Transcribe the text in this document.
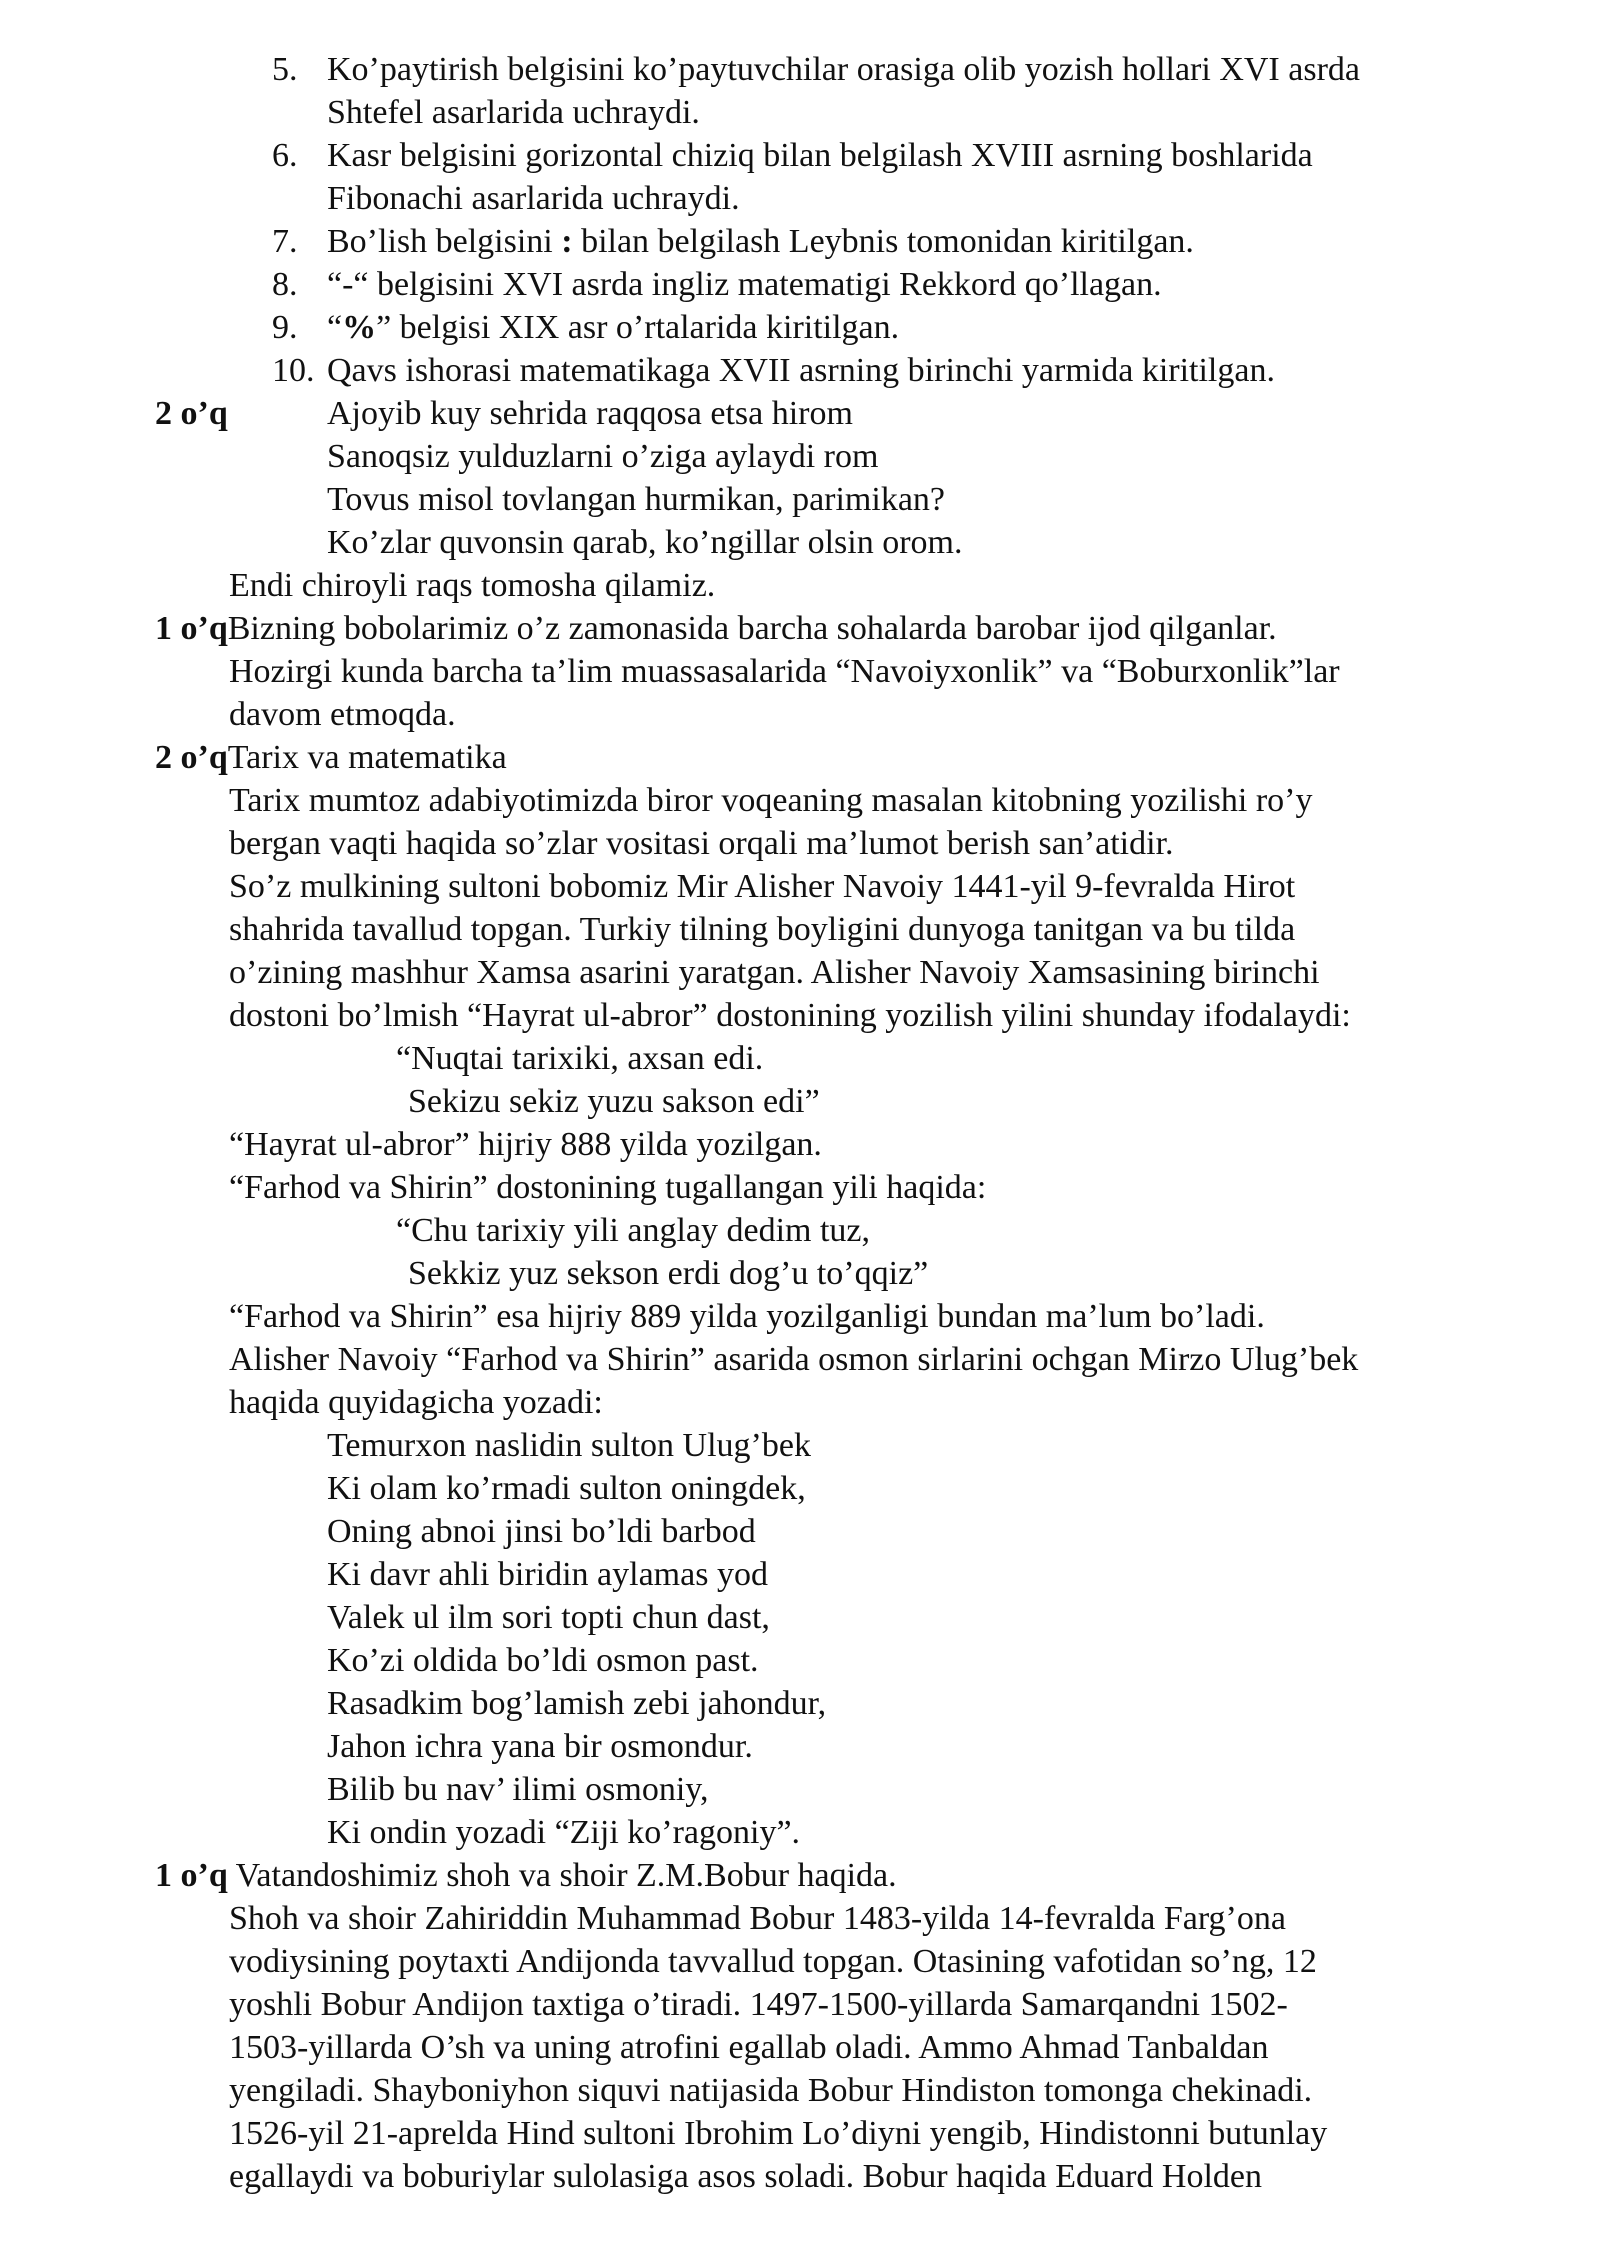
5. Ko’paytirish belgisini ko’paytuvchilar orasiga olib yozish hollari XVI asrda
Shtefel asarlarida uchraydi.
6. Kasr belgisini gorizontal chiziq bilan belgilash XVIII asrning boshlarida
Fibonachi asarlarida uchraydi.
7. Bo’lish belgisini : bilan belgilash Leybnis tomonidan kiritilgan.
8. “-“ belgisini XVI asrda ingliz matematigi Rekkord qo’llagan.
9. “%” belgisi XIX asr o’rtalarida kiritilgan.
10. Qavs ishorasi matematikaga XVII asrning birinchi yarmida kiritilgan.
2 o’q	Ajoyib kuy sehrida raqqosa etsa hirom
Sanoqsiz yulduzlarni o’ziga aylaydi rom
Tovus misol tovlangan hurmikan, parimikan?
Ko’zlar quvonsin qarab, ko’ngillar olsin orom.
Endi chiroyli raqs tomosha qilamiz.
1 o’qBizning bobolarimiz o’z zamonasida barcha sohalarda barobar ijod qilganlar.
Hozirgi kunda barcha ta’lim muassasalarida “Navoiyxonlik” va “Boburxonlik”lar
davom etmoqda.
2 o’qTarix va matematika
Tarix mumtoz adabiyotimizda biror voqeaning masalan kitobning yozilishi ro’y
bergan vaqti haqida so’zlar vositasi orqali ma’lumot berish san’atidir.
So’z mulkining sultoni bobomiz Mir Alisher Navoiy 1441-yil 9-fevralda Hirot
shahrida tavallud topgan. Turkiy tilning boyligini dunyoga tanitgan va bu tilda
o’zining mashhur Xamsa asarini yaratgan. Alisher Navoiy Xamsasining birinchi
dostoni bo’lmish “Hayrat ul-abror” dostonining yozilish yilini shunday ifodalaydi:
“Nuqtai tarixiki, axsan edi.
Sekizu sekiz yuzu sakson edi”
“Hayrat ul-abror” hijriy 888 yilda yozilgan.
“Farhod va Shirin” dostonining tugallangan yili haqida:
“Chu tarixiy yili anglay dedim tuz,
Sekkiz yuz sekson erdi dog’u to’qqiz”
“Farhod va Shirin” esa hijriy 889 yilda yozilganligi bundan ma’lum bo’ladi.
Alisher Navoiy “Farhod va Shirin” asarida osmon sirlarini ochgan Mirzo Ulug’bek
haqida quyidagicha yozadi:
Temurxon naslidin sulton Ulug’bek
Ki olam ko’rmadi sulton oningdek,
Oning abnoi jinsi bo’ldi barbod
Ki davr ahli biridin aylamas yod
Valek ul ilm sori topti chun dast,
Ko’zi oldida bo’ldi osmon past.
Rasadkim bog’lamish zebi jahondur,
Jahon ichra yana bir osmondur.
Bilib bu nav’ ilimi osmoniy,
Ki ondin yozadi “Ziji ko’ragoniy”.
1 o’q Vatandoshimiz shoh va shoir Z.M.Bobur haqida.
Shoh va shoir Zahiriddin Muhammad Bobur 1483-yilda 14-fevralda Farg’ona
vodiysining poytaxti Andijonda tavvallud topgan. Otasining vafotidan so’ng, 12
yoshli Bobur Andijon taxtiga o’tiradi. 1497-1500-yillarda Samarqandni 1502-
1503-yillarda O’sh va uning atrofini egallab oladi. Ammo Ahmad Tanbaldan
yengiladi. Shayboniyhon siquvi natijasida Bobur Hindiston tomonga chekinadi.
1526-yil 21-aprelda Hind sultoni Ibrohim Lo’diyni yengib, Hindistonni butunlay
egallaydi va boburiylar sulolasiga asos soladi. Bobur haqida Eduard Holden
